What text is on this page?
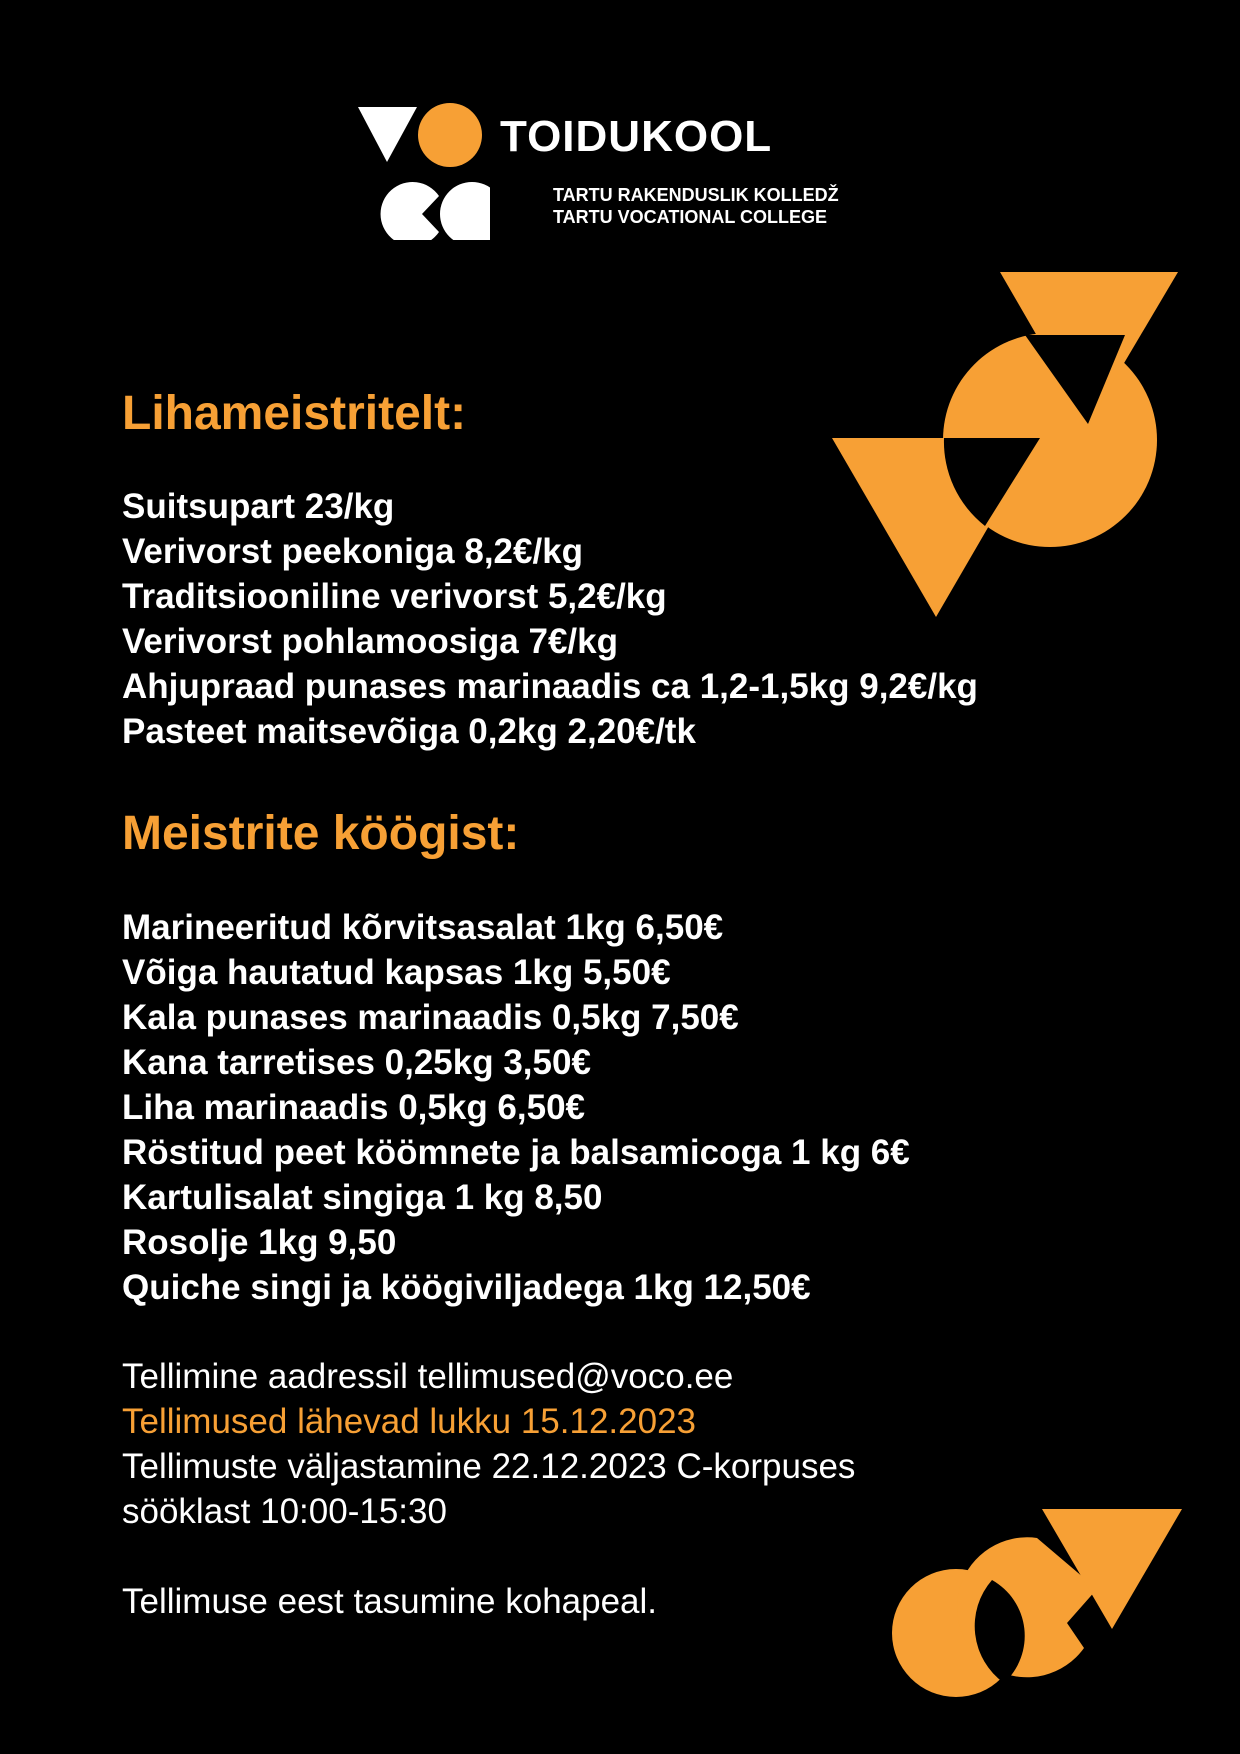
TOIDUKOOL
TARTU RAKENDUSLIK KOLLEDŽ
TARTU VOCATIONAL COLLEGE
Lihameistritelt:
Suitsupart 23/kg
Verivorst peekoniga 8,2€/kg
Traditsiooniline verivorst 5,2€/kg
Verivorst pohlamoosiga 7€/kg
Ahjupraad punases marinaadis ca 1,2-1,5kg 9,2€/kg
Pasteet maitsevõiga 0,2kg 2,20€/tk
Meistrite köögist:
Marineeritud kõrvitsasalat 1kg 6,50€
Võiga hautatud kapsas 1kg 5,50€
Kala punases marinaadis 0,5kg 7,50€
Kana tarretises 0,25kg 3,50€
Liha marinaadis 0,5kg 6,50€
Röstitud peet köömnete ja balsamicoga 1 kg 6€
Kartulisalat singiga 1 kg 8,50
Rosolje 1kg 9,50
Quiche singi ja köögiviljadega 1kg 12,50€
Tellimine aadressil tellimused@voco.ee
Tellimused lähevad lukku 15.12.2023
Tellimuste väljastamine 22.12.2023 C-korpuses
sööklast 10:00-15:30
Tellimuse eest tasumine kohapeal.
